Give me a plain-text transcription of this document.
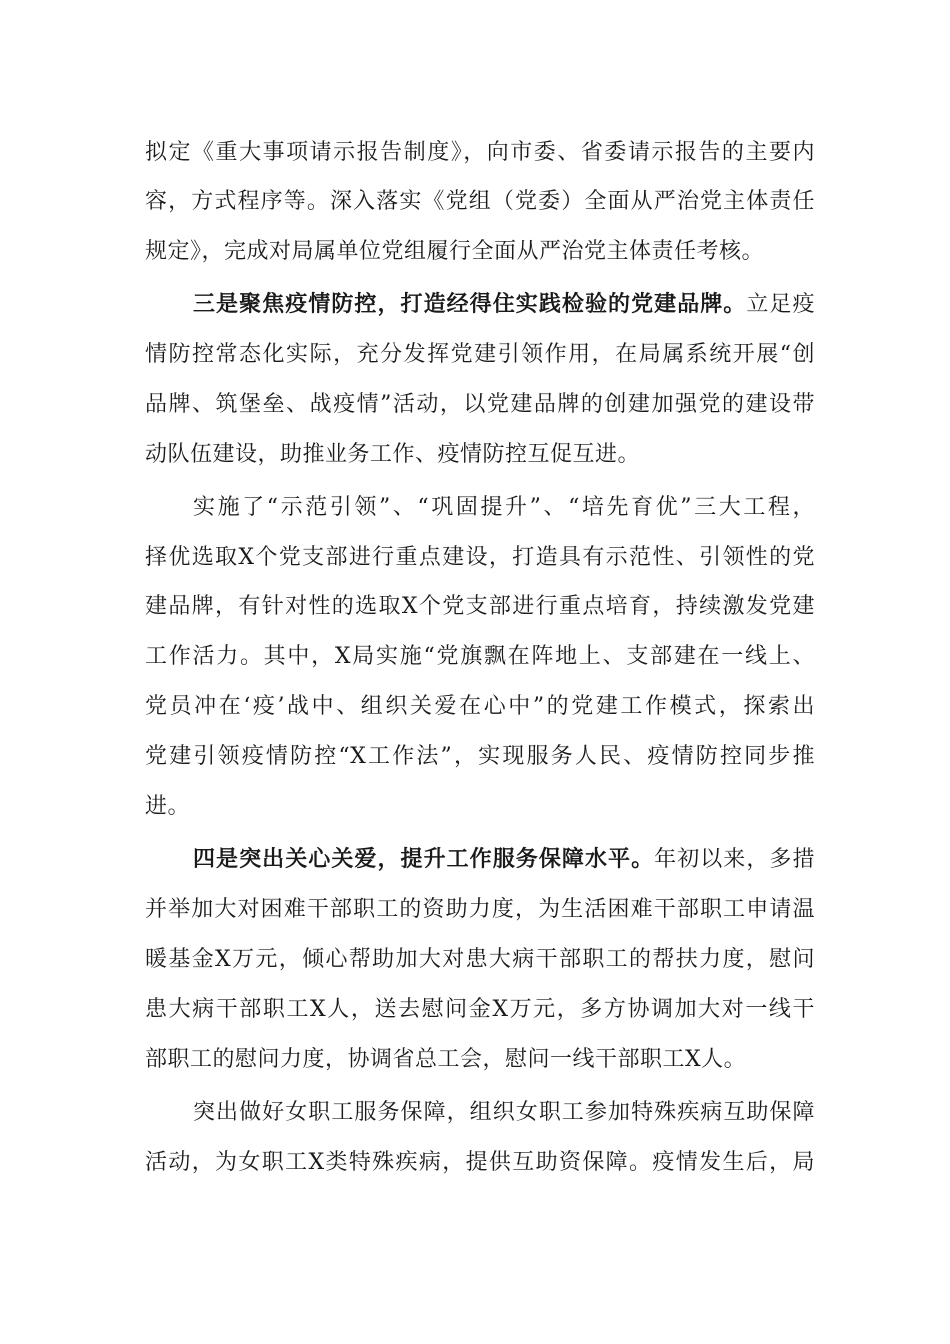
拟定《重大事项请示报告制度》，向市委、省委请示报告的主要内
容，方式程序等。深入落实《党组（党委）全面从严治党主体责任
规定》，完成对局属单位党组履行全面从严治党主体责任考核。
三是聚焦疫情防控，打造经得住实践检验的党建品牌。立足疫
情防控常态化实际，充分发挥党建引领作用，在局属系统开展“创
品牌、筑堡垒、战疫情”活动，以党建品牌的创建加强党的建设带
动队伍建设，助推业务工作、疫情防控互促互进。
实施了“示范引领”、“巩固提升”、“培先育优”三大工程，
择优选取X个党支部进行重点建设，打造具有示范性、引领性的党
建品牌，有针对性的选取X个党支部进行重点培育，持续激发党建
工作活力。其中，X局实施“党旗飘在阵地上、支部建在一线上、
党员冲在‘疫’战中、组织关爱在心中”的党建工作模式，探索出
党建引领疫情防控“X工作法”，实现服务人民、疫情防控同步推
进。
四是突出关心关爱，提升工作服务保障水平。年初以来，多措
并举加大对困难干部职工的资助力度，为生活困难干部职工申请温
暖基金X万元，倾心帮助加大对患大病干部职工的帮扶力度，慰问
患大病干部职工X人，送去慰问金X万元，多方协调加大对一线干
部职工的慰问力度，协调省总工会，慰问一线干部职工X人。
突出做好女职工服务保障，组织女职工参加特殊疾病互助保障
活动，为女职工X类特殊疾病，提供互助资保障。疫情发生后，局
